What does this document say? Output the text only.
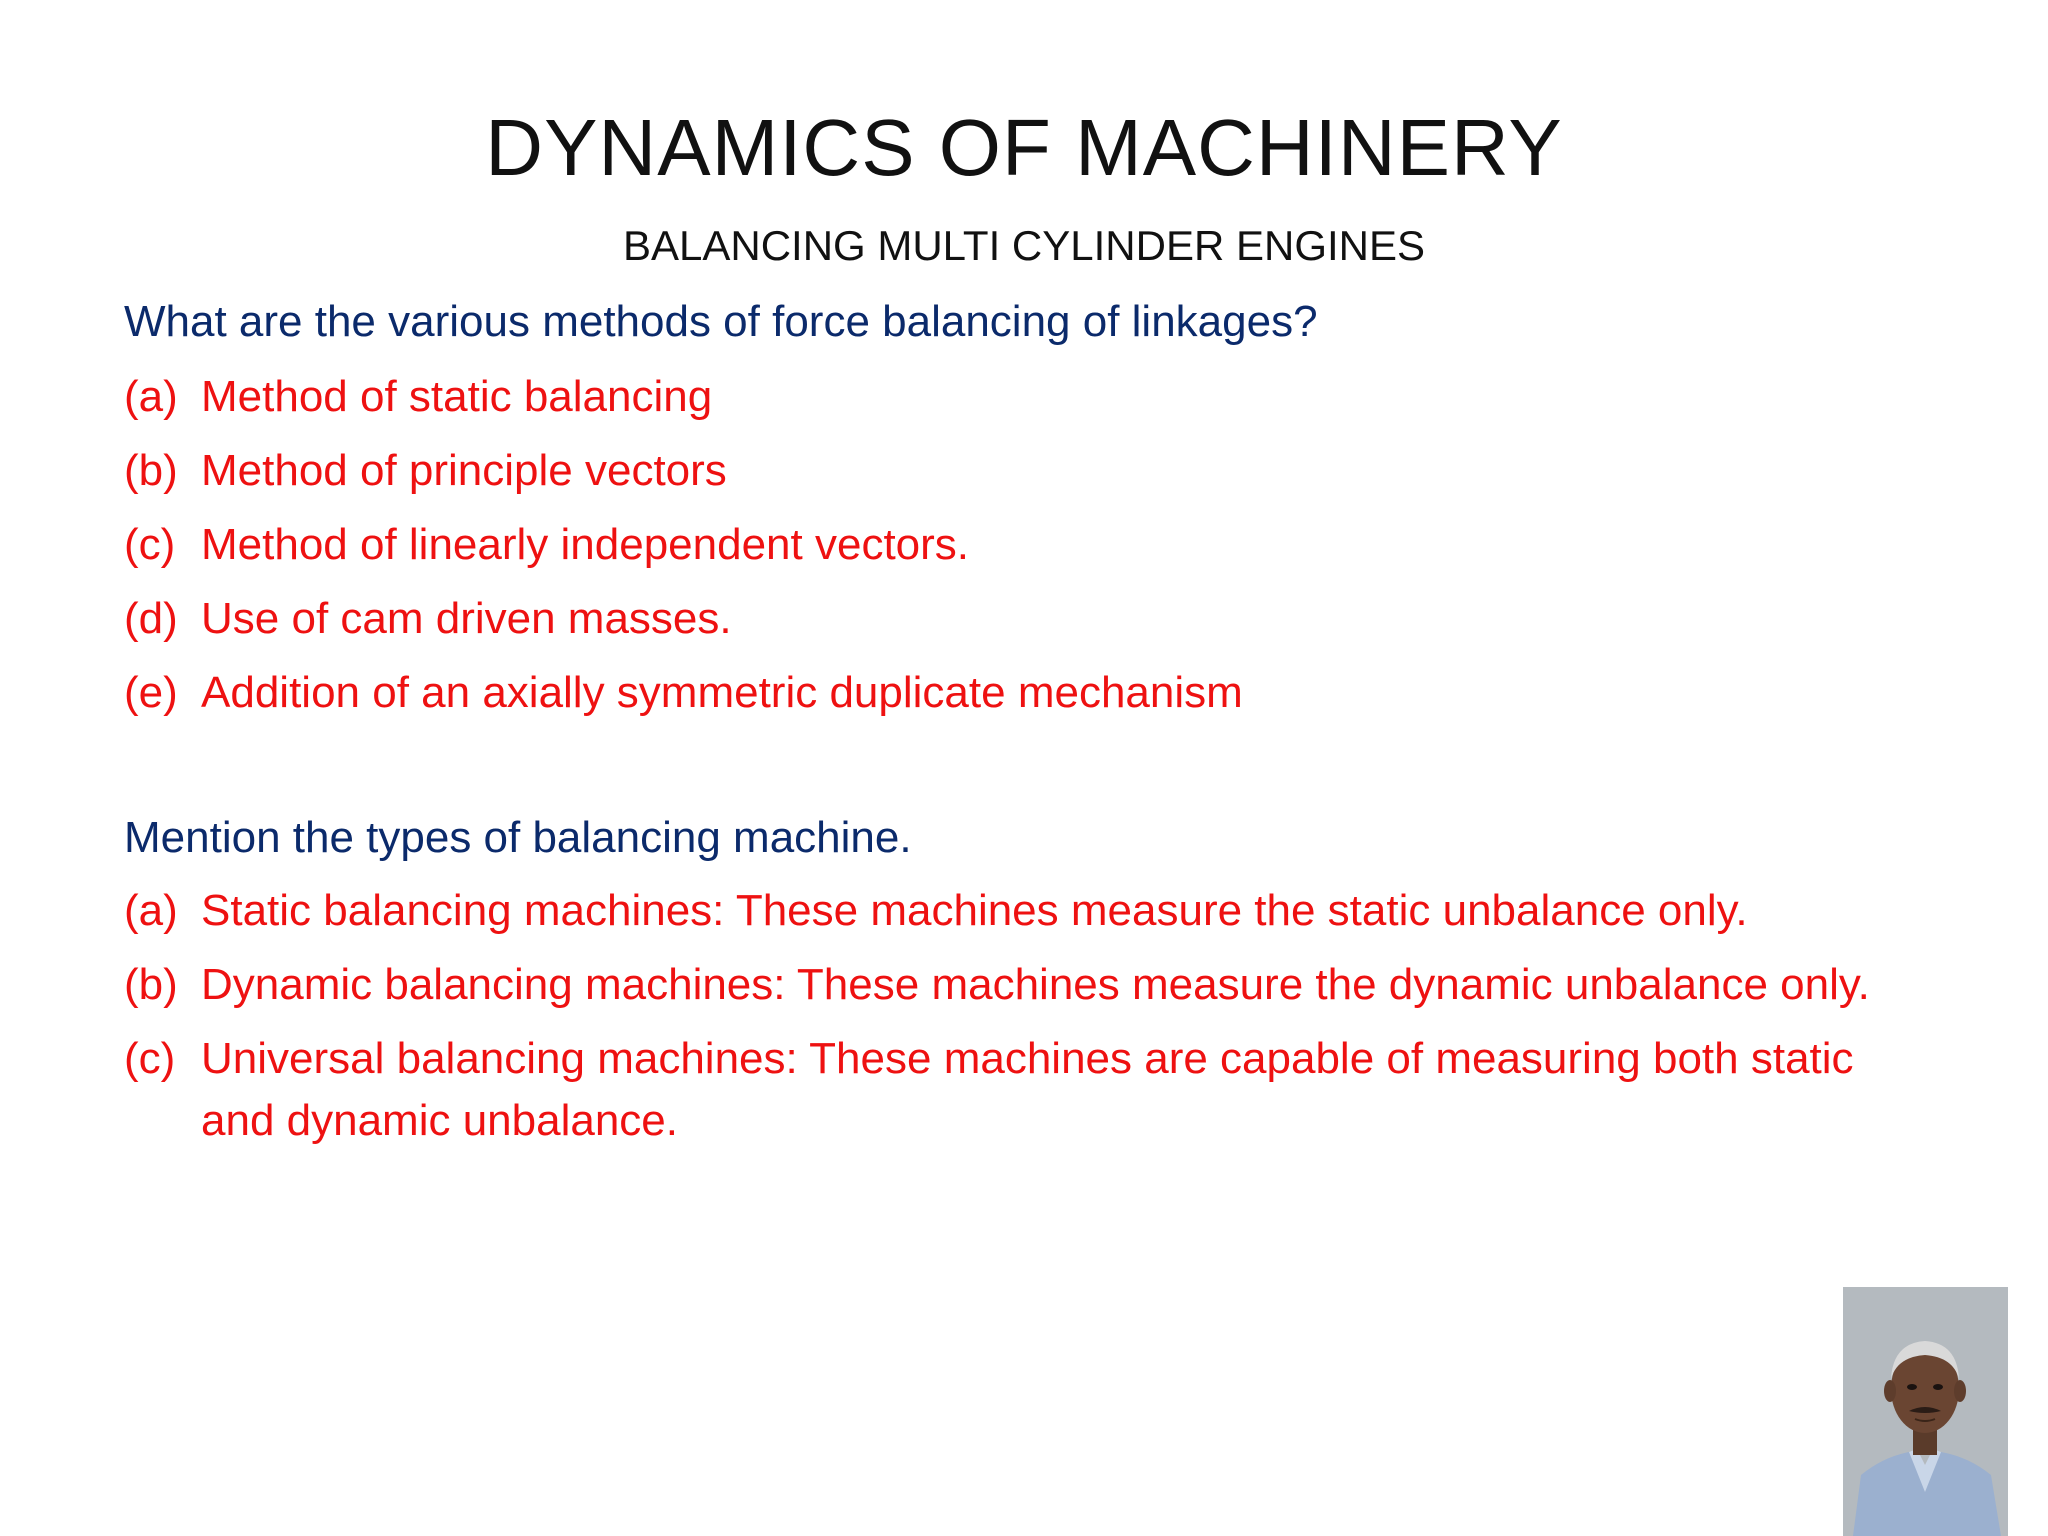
DYNAMICS OF MACHINERY
BALANCING MULTI CYLINDER ENGINES
What are the various methods of force balancing of linkages?
(a) Method of static balancing
(b) Method of principle vectors
(c) Method of linearly independent vectors.
(d) Use of cam driven masses.
(e) Addition of an axially symmetric duplicate mechanism
Mention the types of balancing machine.
(a) Static balancing machines: These machines measure the static unbalance only.
(b) Dynamic balancing machines: These machines measure the dynamic unbalance only.
(c) Universal balancing machines: These machines are capable of measuring both static and dynamic unbalance.
